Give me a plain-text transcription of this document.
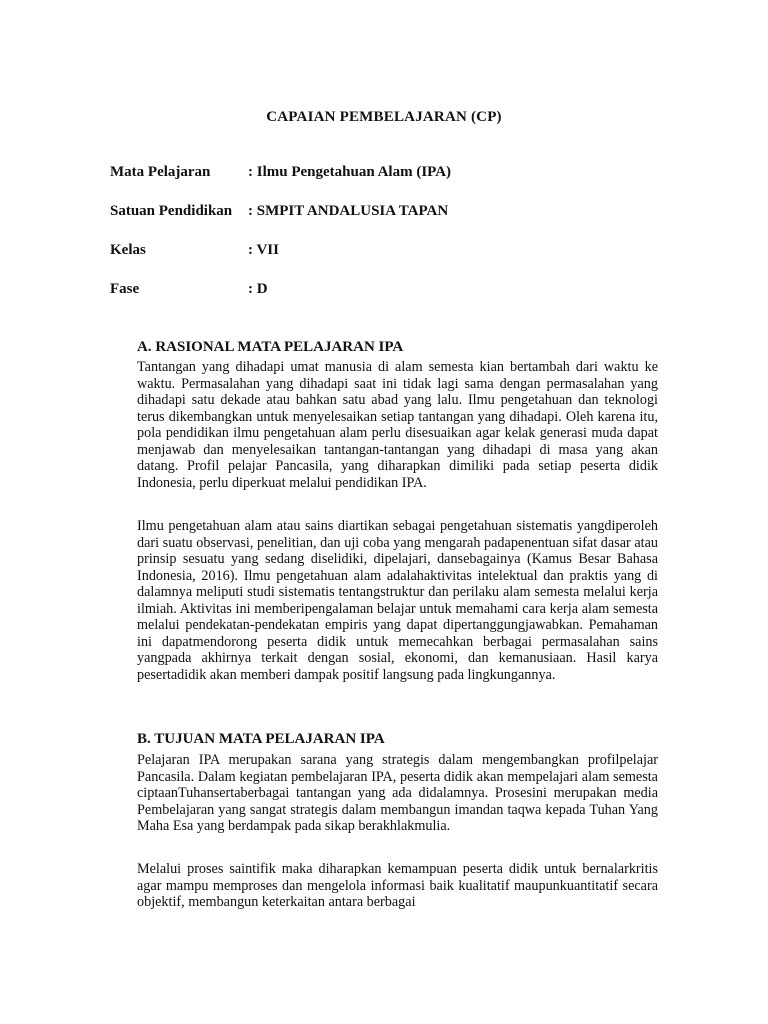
CAPAIAN PEMBELAJARAN (CP)
Mata Pelajaran	: Ilmu Pengetahuan Alam (IPA)
Satuan Pendidikan : SMPIT ANDALUSIA TAPAN
Kelas	: VII
Fase	: D
A. RASIONAL MATA PELAJARAN IPA

Tantangan yang dihadapi umat manusia di alam semesta kian bertambah dari waktu ke waktu. Permasalahan yang dihadapi saat ini tidak lagi sama dengan permasalahan yang dihadapi satu dekade atau bahkan satu abad yang lalu. Ilmu pengetahuan dan teknologi terus dikembangkan untuk menyelesaikan setiap tantangan yang dihadapi. Oleh karena itu, pola pendidikan ilmu pengetahuan alam perlu disesuaikan agar kelak generasi muda dapat menjawab dan menyelesaikan tantangan-tantangan yang dihadapi di masa yang akan datang. Profil pelajar Pancasila, yang diharapkan dimiliki pada setiap peserta didik Indonesia, perlu diperkuat melalui pendidikan IPA.

Ilmu pengetahuan alam atau sains diartikan sebagai pengetahuan sistematis yangdiperoleh dari suatu observasi, penelitian, dan uji coba yang mengarah padapenentuan sifat dasar atau prinsip sesuatu yang sedang diselidiki, dipelajari, dansebagainya (Kamus Besar Bahasa Indonesia, 2016). Ilmu pengetahuan alam adalahaktivitas intelektual dan praktis yang di dalamnya meliputi studi sistematis tentangstruktur dan perilaku alam semesta melalui kerja ilmiah. Aktivitas ini memberipengalaman belajar untuk memahami cara kerja alam semesta melalui pendekatan-pendekatan empiris yang dapat dipertanggungjawabkan. Pemahaman ini dapatmendorong peserta didik untuk memecahkan berbagai permasalahan sains yangpada akhirnya terkait dengan sosial, ekonomi, dan kemanusiaan. Hasil karya pesertadidik akan memberi dampak positif langsung pada lingkungannya.

B. TUJUAN MATA PELAJARAN IPA

Pelajaran IPA merupakan sarana yang strategis dalam mengembangkan profilpelajar Pancasila. Dalam kegiatan pembelajaran IPA, peserta didik akan mempelajari alam semesta ciptaanTuhansertaberbagai tantangan yang ada didalamnya. Prosesini merupakan media Pembelajaran yang sangat strategis dalam membangun imandan taqwa kepada Tuhan Yang Maha Esa yang berdampak pada sikap berakhlakmulia.

Melalui proses saintifik maka diharapkan kemampuan peserta didik untuk bernalarkritis agar mampu memproses dan mengelola informasi baik kualitatif maupunkuantitatif secara objektif, membangun keterkaitan antara berbagai
